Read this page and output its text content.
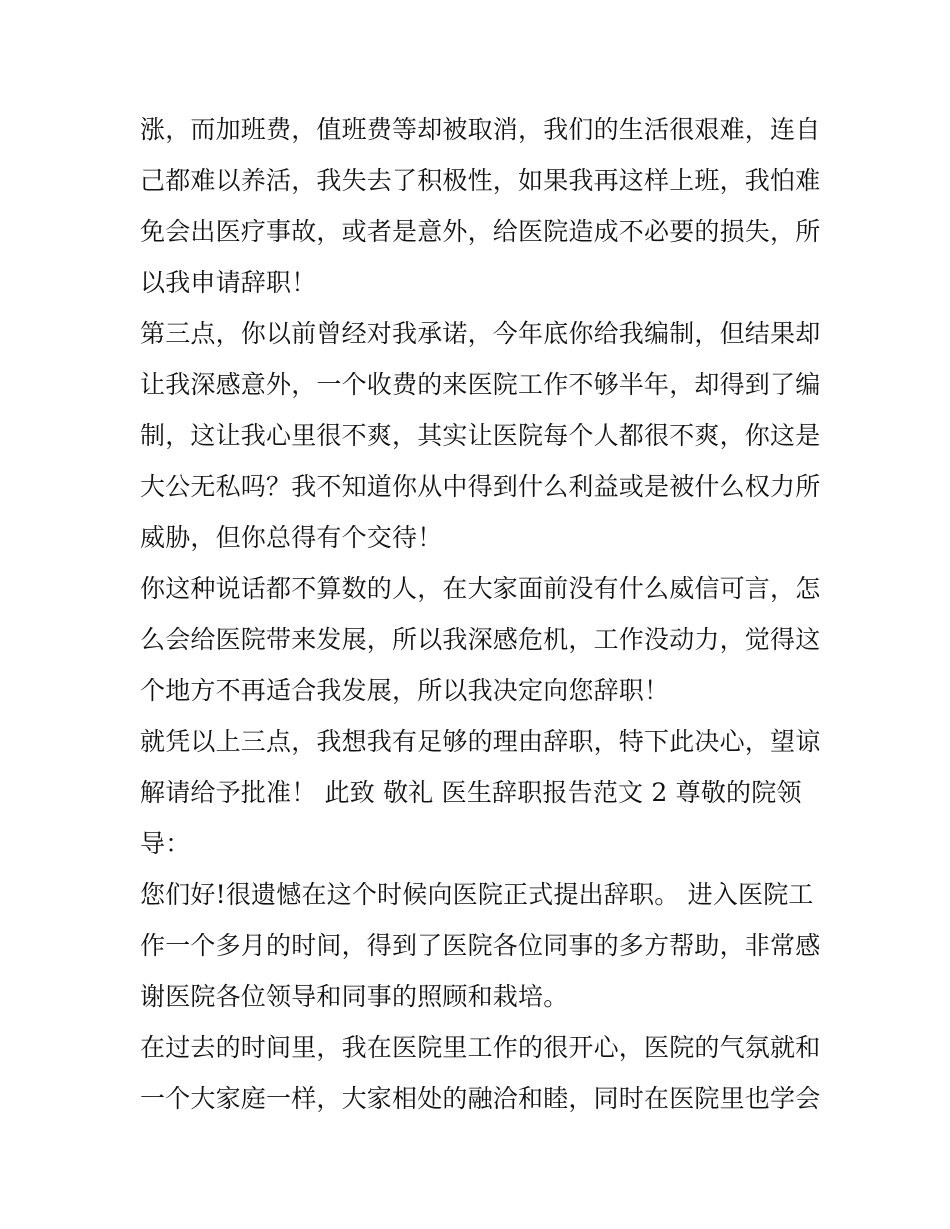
涨，而加班费，值班费等却被取消，我们的生活很艰难，连自
己都难以养活，我失去了积极性，如果我再这样上班，我怕难
免会出医疗事故，或者是意外，给医院造成不必要的损失，所
以我申请辞职！
第三点，你以前曾经对我承诺，今年底你给我编制，但结果却
让我深感意外，一个收费的来医院工作不够半年，却得到了编
制，这让我心里很不爽，其实让医院每个人都很不爽，你这是
大公无私吗？我不知道你从中得到什么利益或是被什么权力所
威胁，但你总得有个交待！
你这种说话都不算数的人，在大家面前没有什么威信可言，怎
么会给医院带来发展，所以我深感危机，工作没动力，觉得这
个地方不再适合我发展，所以我决定向您辞职！
就凭以上三点，我想我有足够的理由辞职，特下此决心，望谅
解请给予批准！ 此致 敬礼 医生辞职报告范文 2 尊敬的院领
导：
您们好!很遗憾在这个时候向医院正式提出辞职。 进入医院工
作一个多月的时间，得到了医院各位同事的多方帮助，非常感
谢医院各位领导和同事的照顾和栽培。
在过去的时间里，我在医院里工作的很开心，医院的气氛就和
一个大家庭一样，大家相处的融洽和睦，同时在医院里也学会
